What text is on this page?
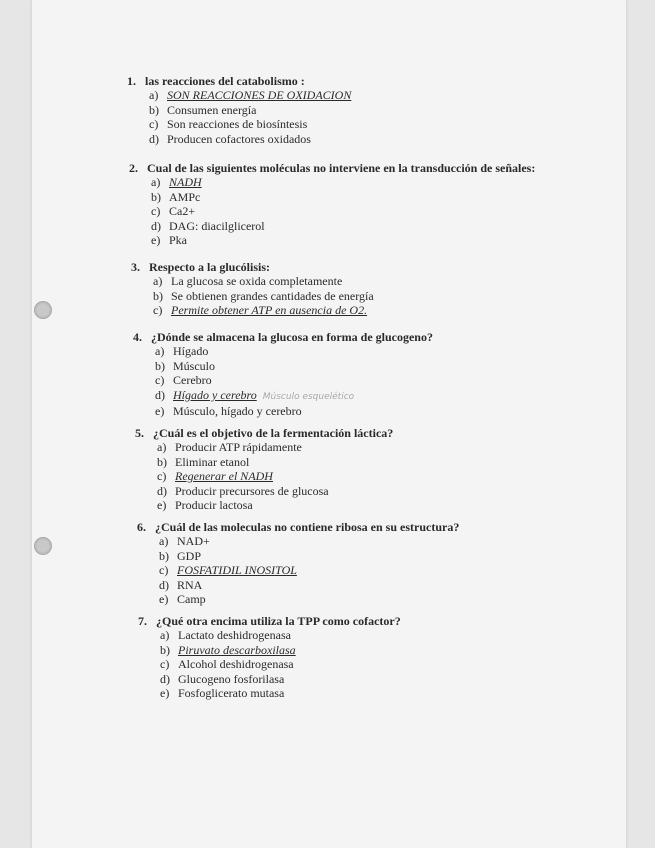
1. las reacciones del catabolismo :
a) SON REACCIONES DE OXIDACION
b) Consumen energía
c) Son reacciones de biosíntesis
d) Producen cofactores oxidados
2. Cual de las siguientes moléculas no interviene en la transducción de señales:
a) NADH
b) AMPc
c) Ca2+
d) DAG: diacilglicerol
e) Pka
3. Respecto a la glucólisis:
a) La glucosa se oxida completamente
b) Se obtienen grandes cantidades de energía
c) Permite obtener ATP en ausencia de O2.
4. ¿Dónde se almacena la glucosa en forma de glucogeno?
a) Hígado
b) Músculo
c) Cerebro
d) Hígado y cerebro Músculo esquelético
e) Músculo, hígado y cerebro
5. ¿Cuál es el objetivo de la fermentación láctica?
a) Producir ATP rápidamente
b) Eliminar etanol
c) Regenerar el NADH
d) Producir precursores de glucosa
e) Producir lactosa
6. ¿Cuál de las moleculas no contiene ribosa en su estructura?
a) NAD+
b) GDP
c) FOSFATIDIL INOSITOL
d) RNA
e) Camp
7. ¿Qué otra encima utiliza la TPP como cofactor?
a) Lactato deshidrogenasa
b) Piruvato descarboxilasa
c) Alcohol deshidrogenasa
d) Glucogeno fosforilasa
e) Fosfoglicerato mutasa
